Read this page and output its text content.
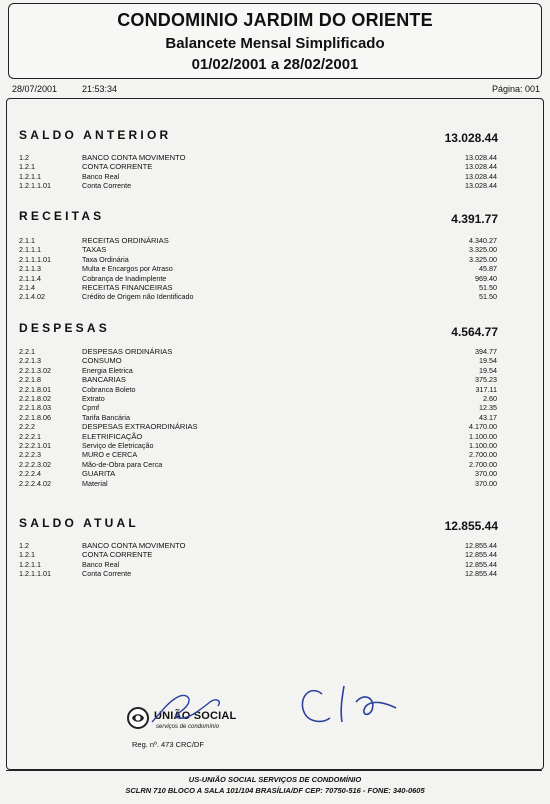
CONDOMINIO JARDIM DO ORIENTE
Balancete Mensal Simplificado
01/02/2001 a 28/02/2001
28/07/2001	21:53:34	Página: 001
SALDO ANTERIOR	13.028.44
1.2	BANCO CONTA MOVIMENTO	13.028.44
1.2.1	CONTA CORRENTE	13.028.44
1.2.1.1	Banco Real	13.028.44
1.2.1.1.01	Conta Corrente	13.028.44
RECEITAS	4.391.77
2.1.1	RECEITAS ORDINÁRIAS	4.340.27
2.1.1.1	TAXAS	3.325.00
2.1.1.1.01	Taxa Ordinária	3.325.00
2.1.1.3	Multa e Encargos por Atraso	45.87
2.1.1.4	Cobrança de Inadimplente	969.40
2.1.4	RECEITAS FINANCEIRAS	51.50
2.1.4.02	Crédito de Origem não Identificado	51.50
DESPESAS	4.564.77
2.2.1	DESPESAS ORDINÁRIAS	394.77
2.2.1.3	CONSUMO	19.54
2.2.1.3.02	Energia Eletrica	19.54
2.2.1.8	BANCARIAS	375.23
2.2.1.8.01	Cobranca Boleto	317.11
2.2.1.8.02	Extrato	2.60
2.2.1.8.03	Cpmf	12.35
2.2.1.8.06	Tarifa Bancária	43.17
2.2.2	DESPESAS EXTRAORDINÁRIAS	4.170.00
2.2.2.1	ELETRIFICAÇÃO	1.100.00
2.2.2.1.01	Serviço de Eletricação	1.100.00
2.2.2.3	MURO e CERCA	2.700.00
2.2.2.3.02	Mão-de-Obra para Cerca	2.700.00
2.2.2.4	GUARITA	370.00
2.2.2.4.02	Material	370.00
SALDO ATUAL	12.855.44
1.2	BANCO CONTA MOVIMENTO	12.855.44
1.2.1	CONTA CORRENTE	12.855.44
1.2.1.1	Banco Real	12.855.44
1.2.1.1.01	Conta Corrente	12.855.44
UNIÃO SOCIAL
serviços de condomínio
Reg. nº. 473 CRC/DF
US-UNIÃO SOCIAL SERVIÇOS DE CONDOMÍNIO
SCLRN 710 BLOCO A SALA 101/104 BRASÍLIA/DF CEP: 70750-516 - FONE: 340-0605
